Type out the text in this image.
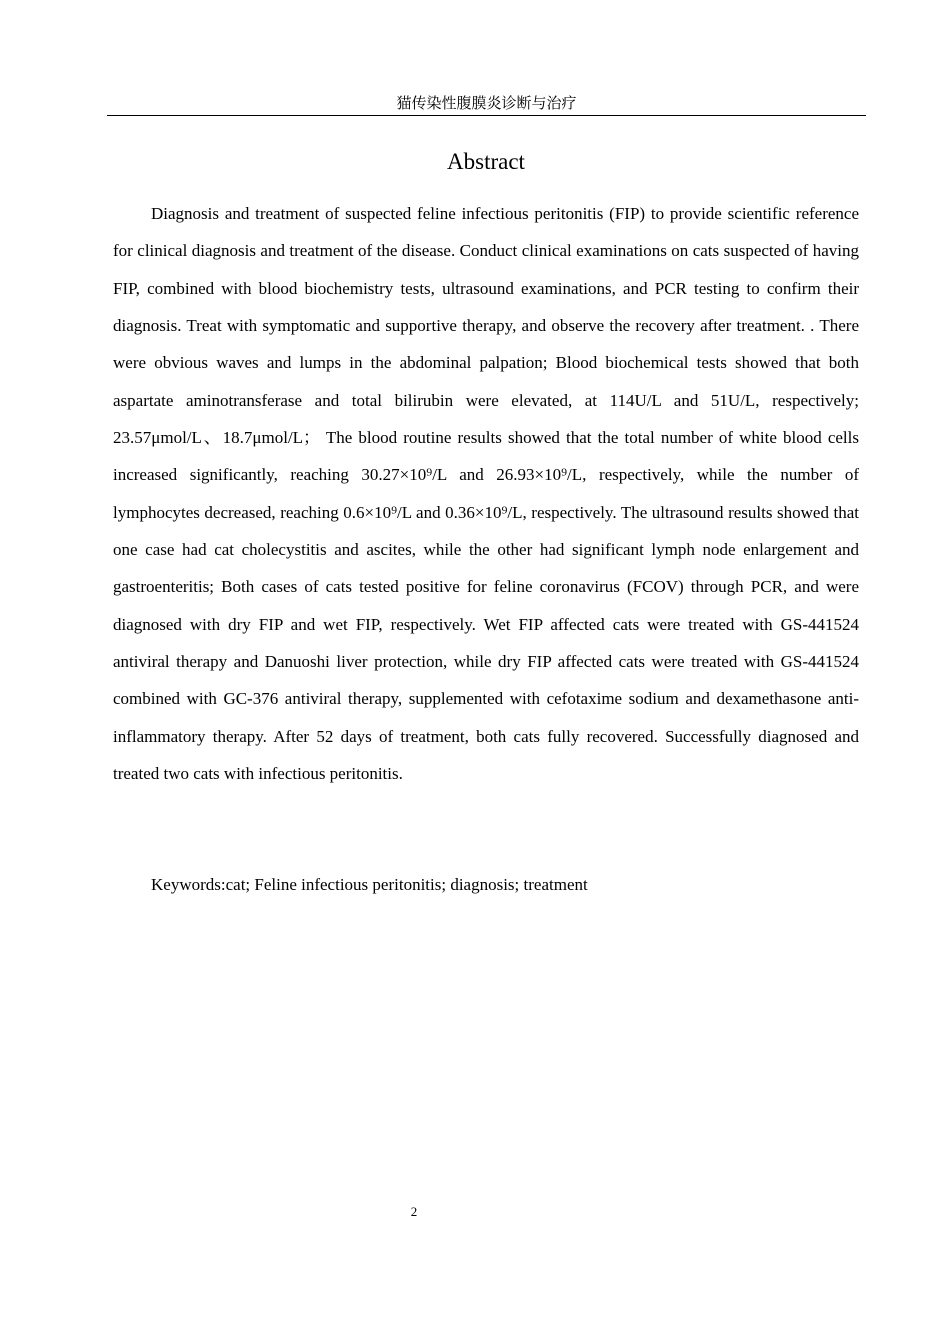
猫传染性腹膜炎诊断与治疗
Abstract

Diagnosis and treatment of suspected feline infectious peritonitis (FIP) to provide scientific reference for clinical diagnosis and treatment of the disease. Conduct clinical examinations on cats suspected of having FIP, combined with blood biochemistry tests, ultrasound examinations, and PCR testing to confirm their diagnosis. Treat with symptomatic and supportive therapy, and observe the recovery after treatment. . There were obvious waves and lumps in the abdominal palpation; Blood biochemical tests showed that both aspartate aminotransferase and total bilirubin were elevated, at 114U/L and 51U/L, respectively; 23.57μmol/L、18.7μmol/L； The blood routine results showed that the total number of white blood cells increased significantly, reaching 30.27×10⁹/L and 26.93×10⁹/L, respectively, while the number of lymphocytes decreased, reaching 0.6×10⁹/L and 0.36×10⁹/L, respectively. The ultrasound results showed that one case had cat cholecystitis and ascites, while the other had significant lymph node enlargement and gastroenteritis; Both cases of cats tested positive for feline coronavirus (FCOV) through PCR, and were diagnosed with dry FIP and wet FIP, respectively. Wet FIP affected cats were treated with GS-441524 antiviral therapy and Danuoshi liver protection, while dry FIP affected cats were treated with GS-441524 combined with GC-376 antiviral therapy, supplemented with cefotaxime sodium and dexamethasone anti-inflammatory therapy. After 52 days of treatment, both cats fully recovered. Successfully diagnosed and treated two cats with infectious peritonitis.

Keywords:cat; Feline infectious peritonitis; diagnosis; treatment

2
